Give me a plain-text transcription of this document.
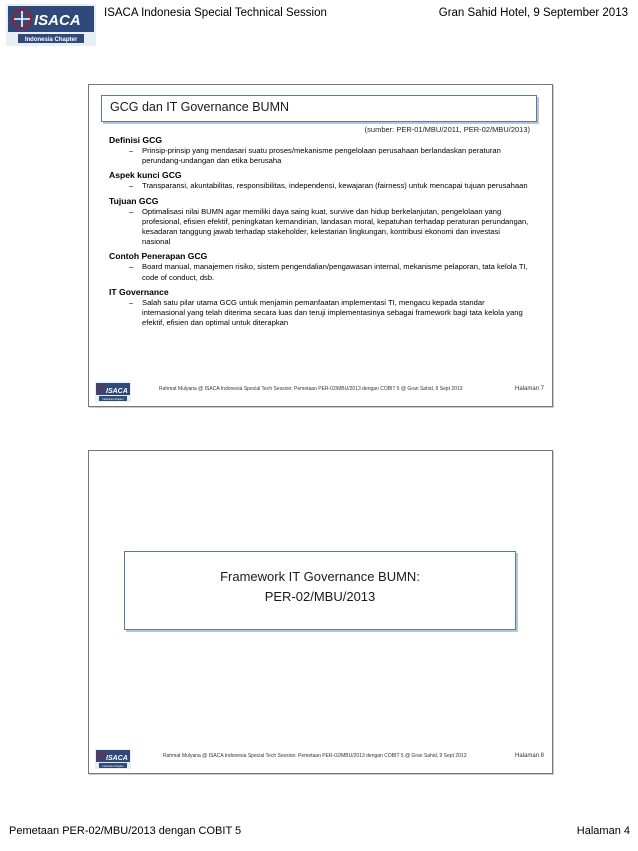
ISACA
Indonesia Chapter
ISACA Indonesia Special Technical Session	Gran Sahid Hotel, 9 September 2013
GCG dan IT Governance BUMN
(sumber: PER-01/MBU/2011, PER-02/MBU/2013)
Definisi GCG
–	Prinsip-prinsip yang mendasari suatu proses/mekanisme pengelolaan perusahaan berlandaskan peraturan perundang-undangan dan etika berusaha
Aspek kunci GCG
–	Transparansi, akuntabilitas, responsibilitas, independensi, kewajaran (fairness) untuk mencapai tujuan perusahaan
Tujuan GCG
–	Optimalisasi nilai BUMN agar memiliki daya saing kuat, survive dan hidup berkelanjutan, pengelolaan yang profesional, efisien efektif, peningkatan kemandirian, landasan moral, kepatuhan terhadap peraturan perundangan, kesadaran tanggung jawab terhadap stakeholder, kelestarian lingkungan, kontribusi ekonomi dan investasi nasional
Contoh Penerapan GCG
–	Board manual, manajemen risiko, sistem pengendalian/pengawasan internal, mekanisme pelaporan, tata kelola TI, code of conduct, dsb.
IT Governance
–	Salah satu pilar utama GCG untuk menjamin pemanfaatan implementasi TI, mengacu kepada standar internasional yang telah diterima secara luas dan teruji implementasinya sebagai framework bagi tata kelola yang efektif, efisien dan optimal untuk diterapkan
ISACA
Indonesia Chapter
Rahmat Mulyana @ ISACA Indonesia Special Tech Session: Pemetaan PER-02/MBU/2013 dengan COBIT 5 @ Gran Sahid, 9 Sept 2013	Halaman 7
Framework IT Governance BUMN:
PER-02/MBU/2013
ISACA
Indonesia Chapter
Rahmat Mulyana @ ISACA Indonesia Special Tech Session: Pemetaan PER-02/MBU/2013 dengan COBIT 5 @ Gran Sahid, 9 Sept 2013	Halaman 8
Pemetaan PER-02/MBU/2013 dengan COBIT 5	Halaman 4
